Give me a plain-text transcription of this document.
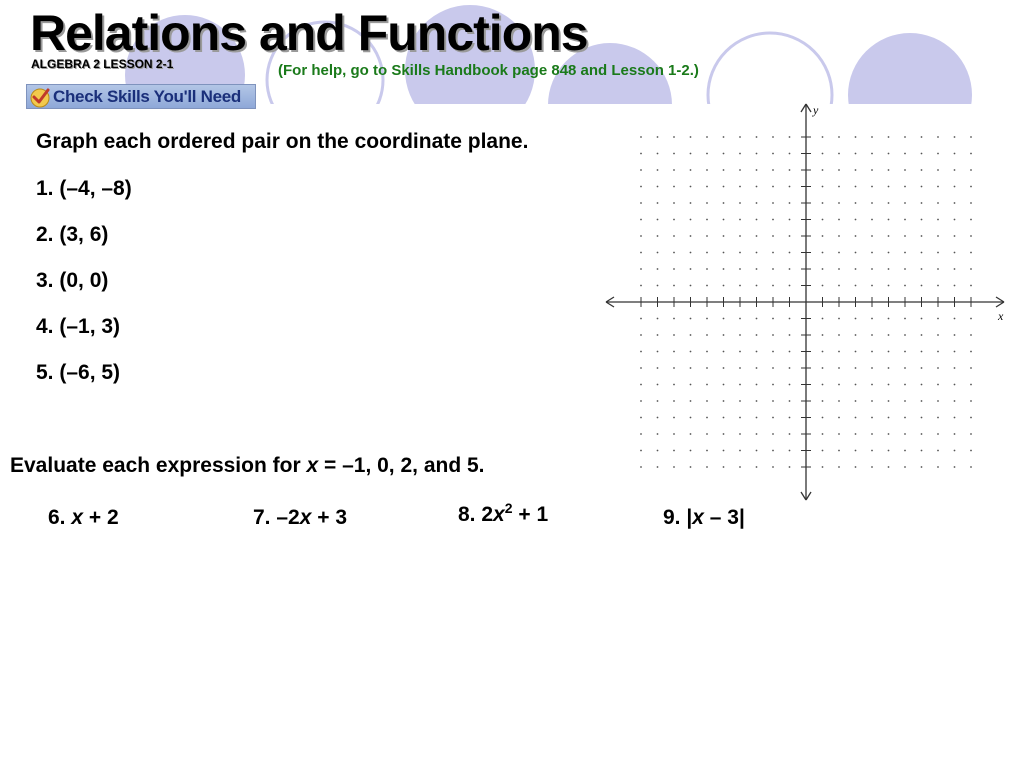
Relations and Functions
ALGEBRA 2 LESSON 2-1	(For help, go to Skills Handbook page 848 and Lesson 1-2.)
Check Skills You'll Need
Graph each ordered pair on the coordinate plane.
1. (–4, –8)
2. (3, 6)
3. (0, 0)
4. (–1, 3)
5. (–6, 5)
Evaluate each expression for x = –1, 0, 2, and 5.
6. x + 2	7. –2x + 3	8. $2x^2 + 1$	9. |x – 3|
x
y
